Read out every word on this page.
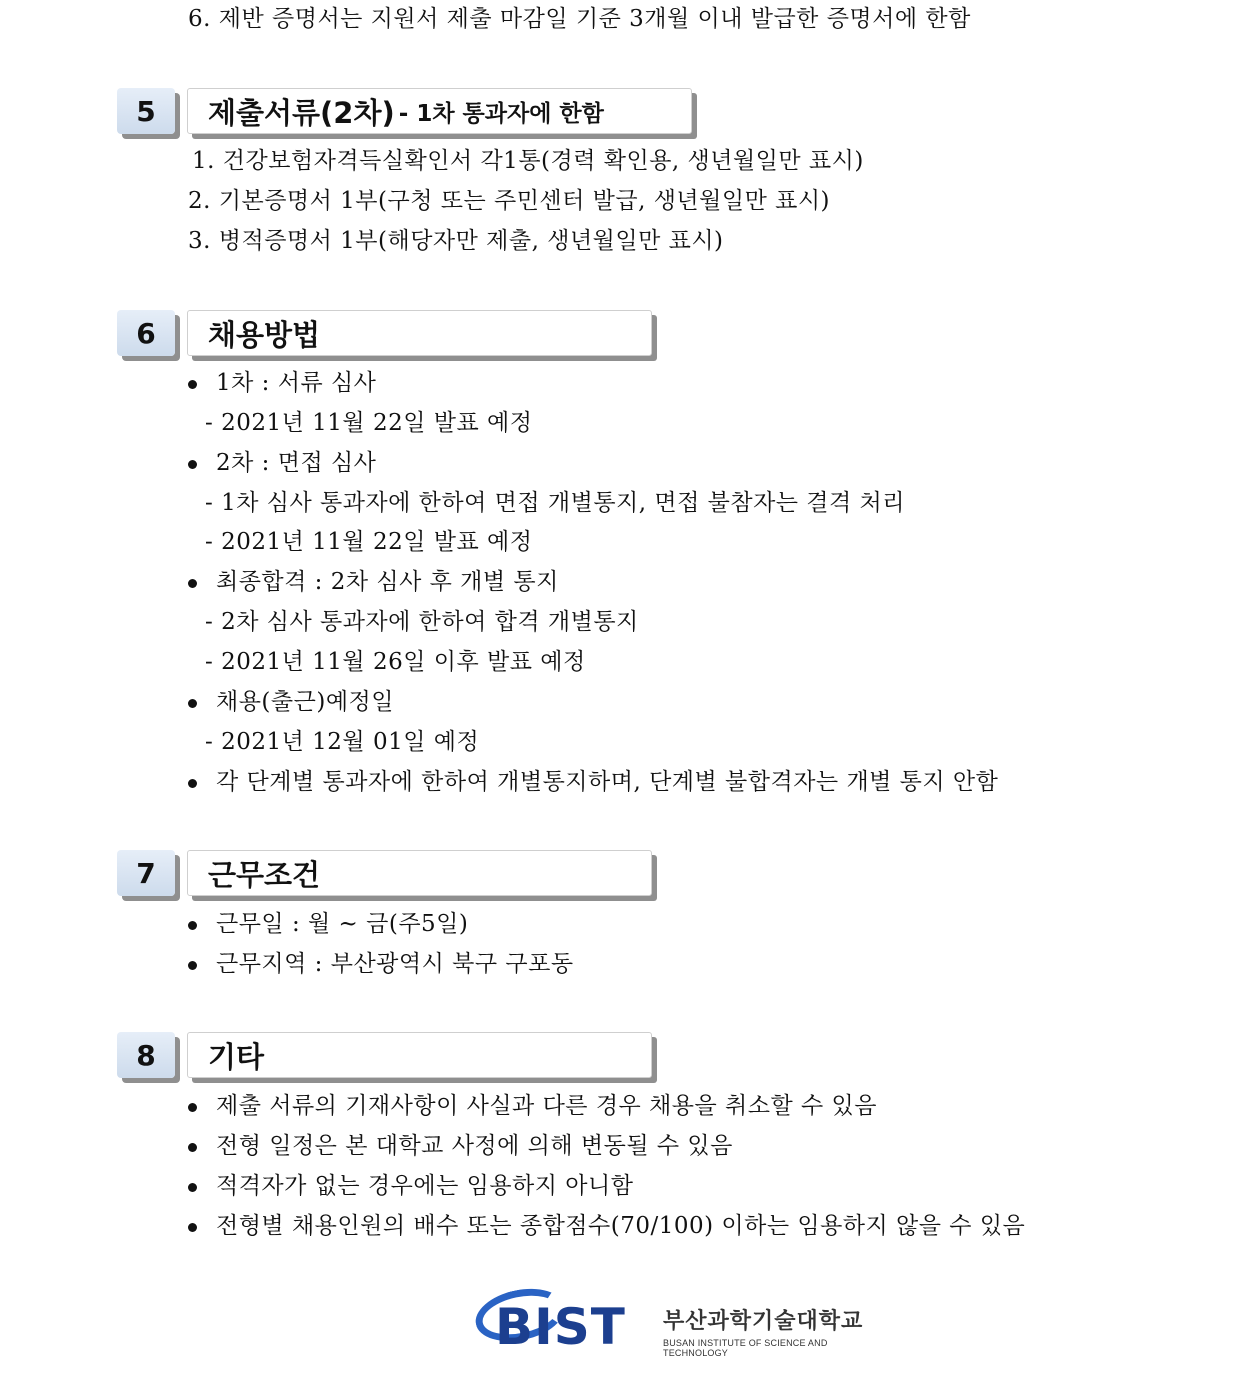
6. 제반 증명서는 지원서 제출 마감일 기준 3개월 이내 발급한 증명서에 한함
5	제출서류(2차) - 1차 통과자에 한함
1. 건강보험자격득실확인서 각1통(경력 확인용, 생년월일만 표시)
2. 기본증명서 1부(구청 또는 주민센터 발급, 생년월일만 표시)
3. 병적증명서 1부(해당자만 제출, 생년월일만 표시)
6	채용방법
1차 : 서류 심사
- 2021년 11월 22일 발표 예정
2차 : 면접 심사
- 1차 심사 통과자에 한하여 면접 개별통지, 면접 불참자는 결격 처리
- 2021년 11월 22일 발표 예정
최종합격 : 2차 심사 후 개별 통지
- 2차 심사 통과자에 한하여 합격 개별통지
- 2021년 11월 26일 이후 발표 예정
채용(출근)예정일
- 2021년 12월 01일 예정
각 단계별 통과자에 한하여 개별통지하며, 단계별 불합격자는 개별 통지 안함
7	근무조건
근무일 : 월 ~ 금(주5일)
근무지역 : 부산광역시 북구 구포동
8	기타
제출 서류의 기재사항이 사실과 다른 경우 채용을 취소할 수 있음
전형 일정은 본 대학교 사정에 의해 변동될 수 있음
적격자가 없는 경우에는 임용하지 아니함
전형별 채용인원의 배수 또는 종합점수(70/100) 이하는 임용하지 않을 수 있음
BIST 부산과학기술대학교
BUSAN INSTITUTE OF SCIENCE AND TECHNOLOGY
